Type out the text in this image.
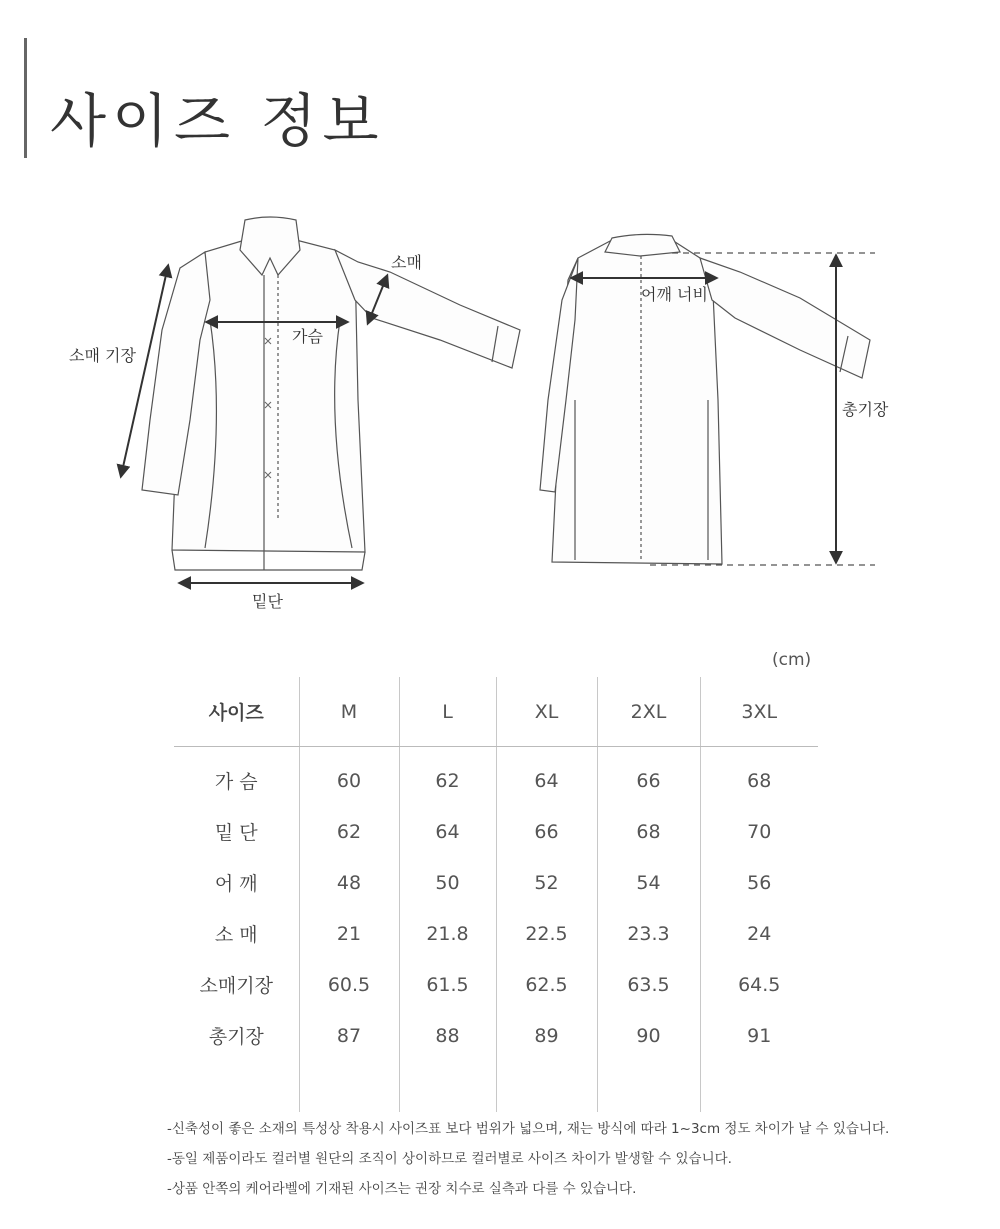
사이즈 정보
소매 기장
가슴
소매
밑단
어깨 너비
총기장
(cm)
사이즈	M	L	XL	2XL	3XL
가 슴	60	62	64	66	68
밑 단	62	64	66	68	70
어 깨	48	50	52	54	56
소 매	21	21.8	22.5	23.3	24
소매기장	60.5	61.5	62.5	63.5	64.5
총기장	87	88	89	90	91

-신축성이 좋은 소재의 특성상 착용시 사이즈표 보다 범위가 넓으며, 재는 방식에 따라 1~3cm 정도 차이가 날 수 있습니다.
-동일 제품이라도 컬러별 원단의 조직이 상이하므로 컬러별로 사이즈 차이가 발생할 수 있습니다.
-상품 안쪽의 케어라벨에 기재된 사이즈는 권장 치수로 실측과 다를 수 있습니다.
